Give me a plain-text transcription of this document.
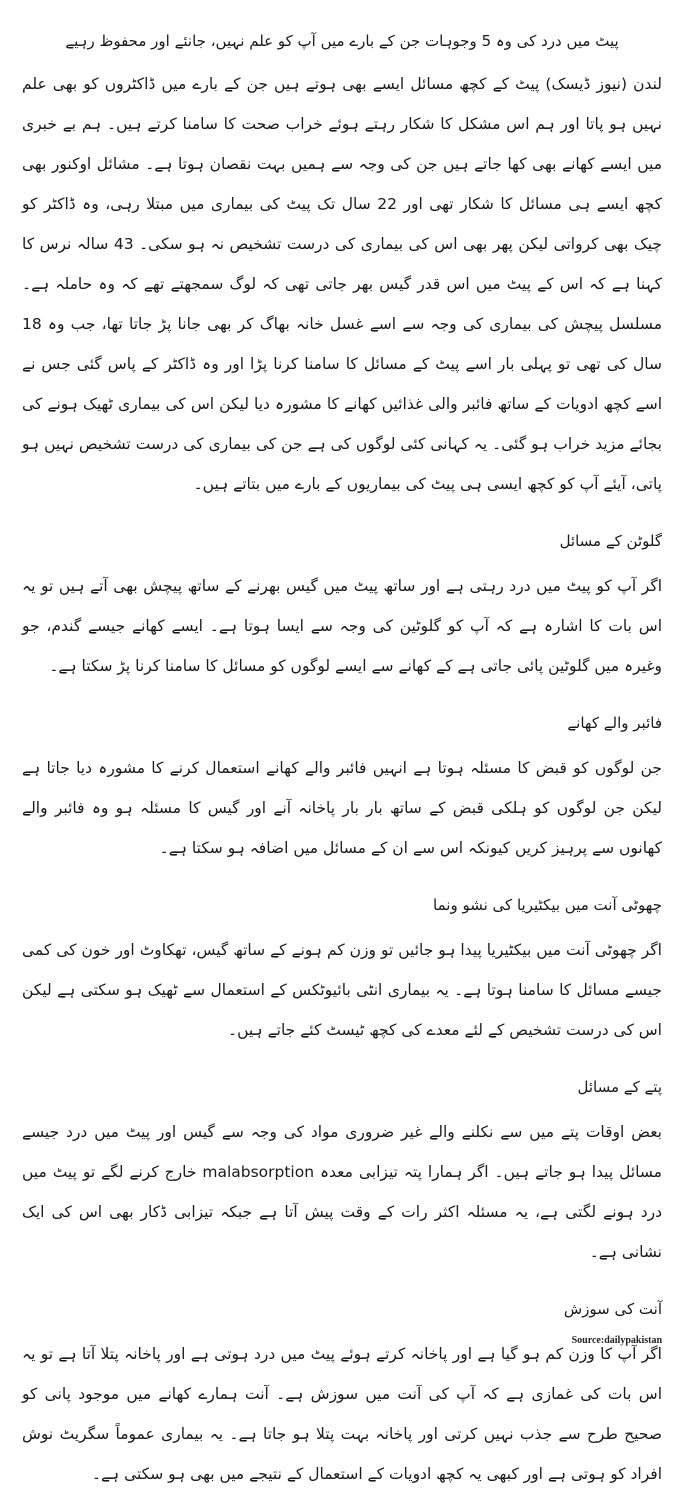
پیٹ میں درد کی وہ 5 وجوہات جن کے بارے میں آپ کو علم نہیں، جانئے اور محفوظ رہیے

لندن (نیوز ڈیسک) پیٹ کے کچھ مسائل ایسے بھی ہوتے ہیں جن کے بارے میں ڈاکٹروں کو بھی علم نہیں ہو پاتا اور ہم اس مشکل کا شکار رہتے ہوئے خراب صحت کا سامنا کرتے ہیں۔ ہم بے خبری میں ایسے کھانے بھی کھا جاتے ہیں جن کی وجہ سے ہمیں بہت نقصان ہوتا ہے۔ مشائل اوکنور بھی کچھ ایسے ہی مسائل کا شکار تھی اور 22 سال تک پیٹ کی بیماری میں مبتلا رہی، وہ ڈاکٹر کو چیک بھی کرواتی لیکن پھر بھی اس کی بیماری کی درست تشخیص نہ ہو سکی۔ 43 سالہ نرس کا کہنا ہے کہ اس کے پیٹ میں اس قدر گیس بھر جاتی تھی کہ لوگ سمجھتے تھے کہ وہ حاملہ ہے۔ مسلسل پیچش کی بیماری کی وجہ سے اسے غسل خانہ بھاگ کر بھی جانا پڑ جاتا تھا، جب وہ 18 سال کی تھی تو پہلی بار اسے پیٹ کے مسائل کا سامنا کرنا پڑا اور وہ ڈاکٹر کے پاس گئی جس نے اسے کچھ ادویات کے ساتھ فائبر والی غذائیں کھانے کا مشورہ دیا لیکن اس کی بیماری ٹھیک ہونے کی بجائے مزید خراب ہو گئی۔ یہ کہانی کئی لوگوں کی ہے جن کی بیماری کی درست تشخیص نہیں ہو پاتی، آیئے آپ کو کچھ ایسی ہی پیٹ کی بیماریوں کے بارے میں بتاتے ہیں۔

گلوٹن کے مسائل

اگر آپ کو پیٹ میں درد رہتی ہے اور ساتھ پیٹ میں گیس بھرنے کے ساتھ پیچش بھی آتے ہیں تو یہ اس بات کا اشارہ ہے کہ آپ کو گلوٹین کی وجہ سے ایسا ہوتا ہے۔ ایسے کھانے جیسے گندم، جو وغیرہ میں گلوٹین پائی جاتی ہے کے کھانے سے ایسے لوگوں کو مسائل کا سامنا کرنا پڑ سکتا ہے۔

فائبر والے کھانے

جن لوگوں کو قبض کا مسئلہ ہوتا ہے انہیں فائبر والے کھانے استعمال کرنے کا مشورہ دیا جاتا ہے لیکن جن لوگوں کو ہلکی قبض کے ساتھ بار بار پاخانہ آنے اور گیس کا مسئلہ ہو وہ فائبر والے کھانوں سے پرہیز کریں کیونکہ اس سے ان کے مسائل میں اضافہ ہو سکتا ہے۔

چھوٹی آنت میں بیکٹیریا کی نشو ونما

اگر چھوٹی آنت میں بیکٹیریا پیدا ہو جائیں تو وزن کم ہونے کے ساتھ گیس، تھکاوٹ اور خون کی کمی جیسے مسائل کا سامنا ہوتا ہے۔ یہ بیماری انٹی بائیوٹکس کے استعمال سے ٹھیک ہو سکتی ہے لیکن اس کی درست تشخیص کے لئے معدے کی کچھ ٹیسٹ کئے جاتے ہیں۔

پتے کے مسائل

بعض اوقات پتے میں سے نکلنے والے غیر ضروری مواد کی وجہ سے گیس اور پیٹ میں درد جیسے مسائل پیدا ہو جاتے ہیں۔ اگر ہمارا پتہ تیزابی معدہ malabsorption خارج کرنے لگے تو پیٹ میں درد ہونے لگتی ہے، یہ مسئلہ اکثر رات کے وقت پیش آتا ہے جبکہ تیزابی ڈکار بھی اس کی ایک نشانی ہے۔

آنت کی سوزش

اگر آپ کا وزن کم ہو گیا ہے اور پاخانہ کرتے ہوئے پیٹ میں درد ہوتی ہے اور پاخانہ پتلا آتا ہے تو یہ اس بات کی غمازی ہے کہ آپ کی آنت میں سوزش ہے۔ آنت ہمارے کھانے میں موجود پانی کو صحیح طرح سے جذب نہیں کرتی اور پاخانہ بہت پتلا ہو جاتا ہے۔ یہ بیماری عموماً سگریٹ نوش افراد کو ہوتی ہے اور کبھی یہ کچھ ادویات کے استعمال کے نتیجے میں بھی ہو سکتی ہے۔

Source:dailypakistan
